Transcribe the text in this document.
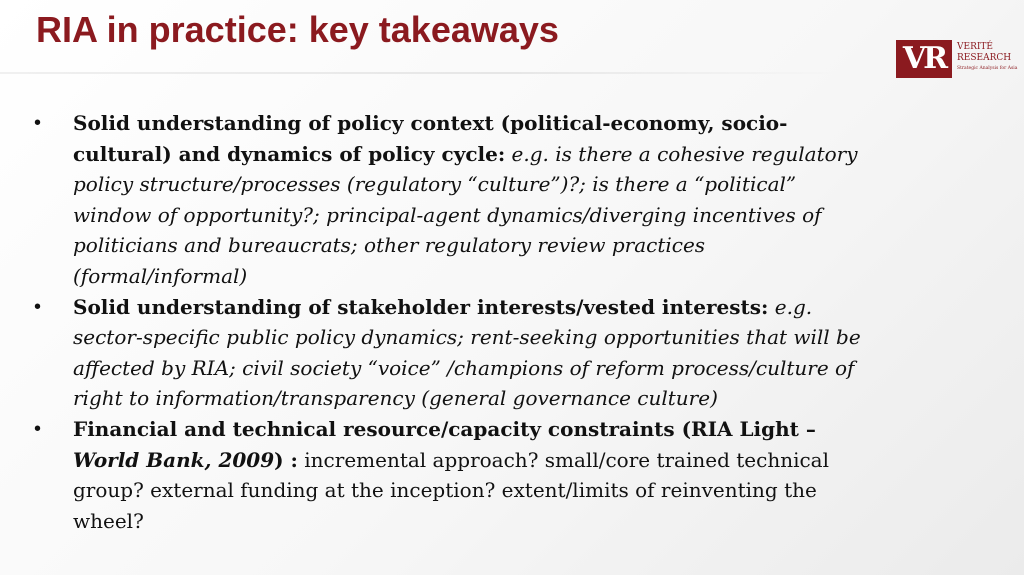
RIA in practice: key takeaways
VR	VERITÉ
RESEARCH
Strategic Analysis for Asia
• Solid understanding of policy context (political-economy, socio-cultural) and dynamics of policy cycle: e.g. is there a cohesive regulatory policy structure/processes (regulatory “culture”)?; is there a “political” window of opportunity?; principal-agent dynamics/diverging incentives of politicians and bureaucrats; other regulatory review practices (formal/informal)
• Solid understanding of stakeholder interests/vested interests: e.g. sector-specific public policy dynamics; rent-seeking opportunities that will be affected by RIA; civil society “voice” /champions of reform process/culture of right to information/transparency (general governance culture)
• Financial and technical resource/capacity constraints (RIA Light – World Bank, 2009) : incremental approach? small/core trained technical group? external funding at the inception? extent/limits of reinventing the wheel?
